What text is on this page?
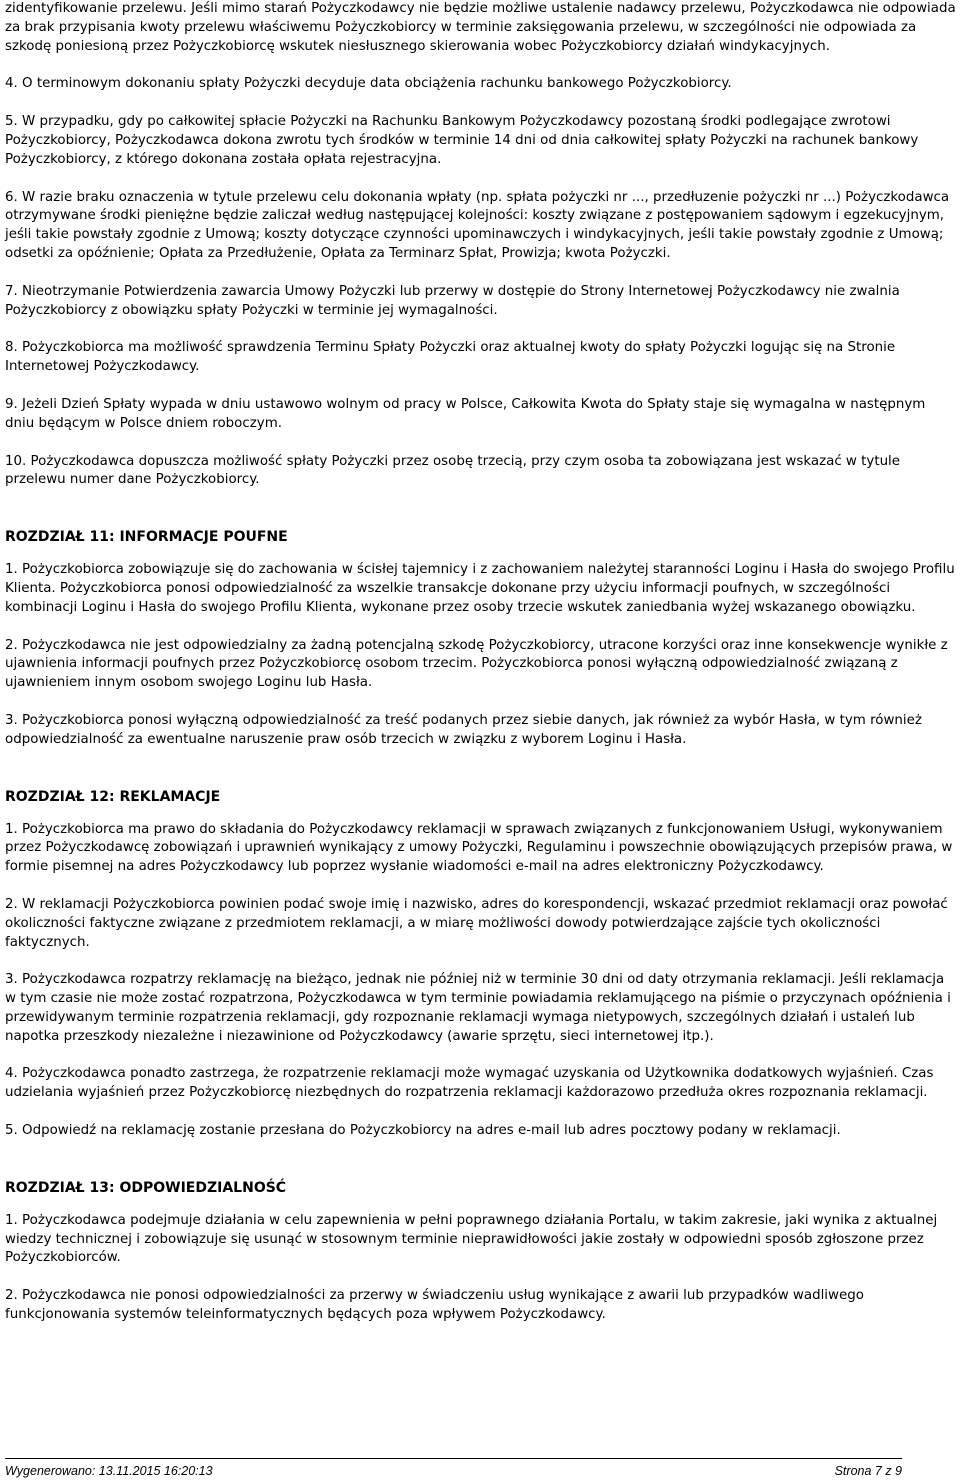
zidentyfikowanie przelewu. Jeśli mimo starań Pożyczkodawcy nie będzie możliwe ustalenie nadawcy przelewu, Pożyczkodawca nie odpowiada za brak przypisania kwoty przelewu właściwemu Pożyczkobiorcy w terminie zaksięgowania przelewu, w szczególności nie odpowiada za szkodę poniesioną przez Pożyczkobiorcę wskutek niesłusznego skierowania wobec Pożyczkobiorcy działań windykacyjnych.

4. O terminowym dokonaniu spłaty Pożyczki decyduje data obciążenia rachunku bankowego Pożyczkobiorcy.

5. W przypadku, gdy po całkowitej spłacie Pożyczki na Rachunku Bankowym Pożyczkodawcy pozostaną środki podlegające zwrotowi Pożyczkobiorcy, Pożyczkodawca dokona zwrotu tych środków w terminie 14 dni od dnia całkowitej spłaty Pożyczki na rachunek bankowy Pożyczkobiorcy, z którego dokonana została opłata rejestracyjna.

6. W razie braku oznaczenia w tytule przelewu celu dokonania wpłaty (np. spłata pożyczki nr ..., przedłuzenie pożyczki nr ...) Pożyczkodawca otrzymywane środki pieniężne będzie zaliczał według następującej kolejności: koszty związane z postępowaniem sądowym i egzekucyjnym, jeśli takie powstały zgodnie z Umową; koszty dotyczące czynności upominawczych i windykacyjnych, jeśli takie powstały zgodnie z Umową; odsetki za opóźnienie; Opłata za Przedłużenie, Opłata za Terminarz Spłat, Prowizja; kwota Pożyczki.

7. Nieotrzymanie Potwierdzenia zawarcia Umowy Pożyczki lub przerwy w dostępie do Strony Internetowej Pożyczkodawcy nie zwalnia Pożyczkobiorcy z obowiązku spłaty Pożyczki w terminie jej wymagalności.

8. Pożyczkobiorca ma możliwość sprawdzenia Terminu Spłaty Pożyczki oraz aktualnej kwoty do spłaty Pożyczki logując się na Stronie Internetowej Pożyczkodawcy.

9. Jeżeli Dzień Spłaty wypada w dniu ustawowo wolnym od pracy w Polsce, Całkowita Kwota do Spłaty staje się wymagalna w następnym dniu będącym w Polsce dniem roboczym.

10. Pożyczkodawca dopuszcza możliwość spłaty Pożyczki przez osobę trzecią, przy czym osoba ta zobowiązana jest wskazać w tytule przelewu numer dane Pożyczkobiorcy.

ROZDZIAŁ 11: INFORMACJE POUFNE

1. Pożyczkobiorca zobowiązuje się do zachowania w ścisłej tajemnicy i z zachowaniem należytej staranności Loginu i Hasła do swojego Profilu Klienta. Pożyczkobiorca ponosi odpowiedzialność za wszelkie transakcje dokonane przy użyciu informacji poufnych, w szczególności kombinacji Loginu i Hasła do swojego Profilu Klienta, wykonane przez osoby trzecie wskutek zaniedbania wyżej wskazanego obowiązku.

2. Pożyczkodawca nie jest odpowiedzialny za żadną potencjalną szkodę Pożyczkobiorcy, utracone korzyści oraz inne konsekwencje wynikłe z ujawnienia informacji poufnych przez Pożyczkobiorcę osobom trzecim. Pożyczkobiorca ponosi wyłączną odpowiedzialność związaną z ujawnieniem innym osobom swojego Loginu lub Hasła.

3. Pożyczkobiorca ponosi wyłączną odpowiedzialność za treść podanych przez siebie danych, jak również za wybór Hasła, w tym również odpowiedzialność za ewentualne naruszenie praw osób trzecich w związku z wyborem Loginu i Hasła.

ROZDZIAŁ 12: REKLAMACJE

1. Pożyczkobiorca ma prawo do składania do Pożyczkodawcy reklamacji w sprawach związanych z funkcjonowaniem Usługi, wykonywaniem przez Pożyczkodawcę zobowiązań i uprawnień wynikający z umowy Pożyczki, Regulaminu i powszechnie obowiązujących przepisów prawa, w formie pisemnej na adres Pożyczkodawcy lub poprzez wysłanie wiadomości e-mail na adres elektroniczny Pożyczkodawcy.

2. W reklamacji Pożyczkobiorca powinien podać swoje imię i nazwisko, adres do korespondencji, wskazać przedmiot reklamacji oraz powołać okoliczności faktyczne związane z przedmiotem reklamacji, a w miarę możliwości dowody potwierdzające zajście tych okoliczności faktycznych.

3. Pożyczkodawca rozpatrzy reklamację na bieżąco, jednak nie później niż w terminie 30 dni od daty otrzymania reklamacji. Jeśli reklamacja w tym czasie nie może zostać rozpatrzona, Pożyczkodawca w tym terminie powiadamia reklamującego na piśmie o przyczynach opóźnienia i przewidywanym terminie rozpatrzenia reklamacji, gdy rozpoznanie reklamacji wymaga nietypowych, szczególnych działań i ustaleń lub napotka przeszkody niezależne i niezawinione od Pożyczkodawcy (awarie sprzętu, sieci internetowej itp.).

4. Pożyczkodawca ponadto zastrzega, że rozpatrzenie reklamacji może wymagać uzyskania od Użytkownika dodatkowych wyjaśnień. Czas udzielania wyjaśnień przez Pożyczkobiorcę niezbędnych do rozpatrzenia reklamacji każdorazowo przedłuża okres rozpoznania reklamacji.

5. Odpowiedź na reklamację zostanie przesłana do Pożyczkobiorcy na adres e-mail lub adres pocztowy podany w reklamacji.

ROZDZIAŁ 13: ODPOWIEDZIALNOŚĆ

1. Pożyczkodawca podejmuje działania w celu zapewnienia w pełni poprawnego działania Portalu, w takim zakresie, jaki wynika z aktualnej wiedzy technicznej i zobowiązuje się usunąć w stosownym terminie nieprawidłowości jakie zostały w odpowiedni sposób zgłoszone przez Pożyczkobiorców.

2. Pożyczkodawca nie ponosi odpowiedzialności za przerwy w świadczeniu usług wynikające z awarii lub przypadków wadliwego funkcjonowania systemów teleinformatycznych będących poza wpływem Pożyczkodawcy.

Wygenerowano: 13.11.2015 16:20:13	Strona 7 z 9
